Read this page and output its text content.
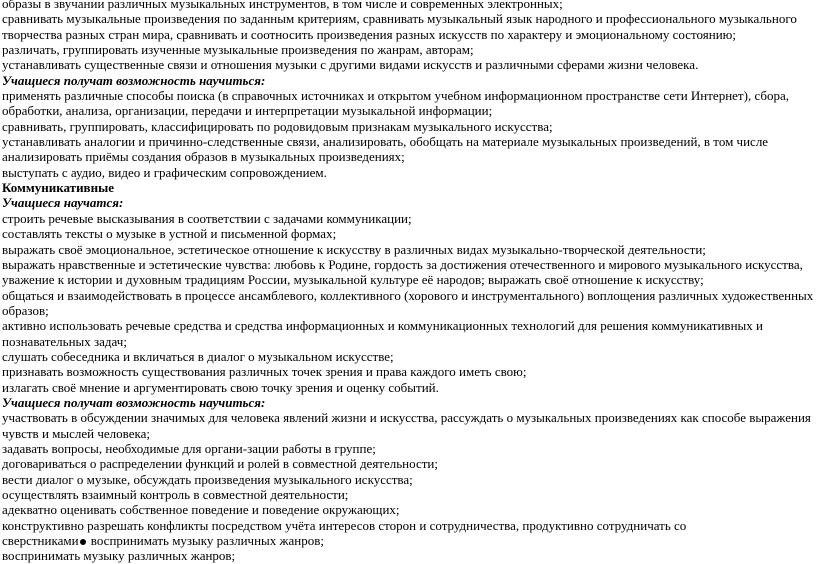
образы в звучании различных музыкальных инструментов, в том числе и современных электронных;

сравнивать музыкальные произведения по заданным критериям, сравнивать музыкальный язык народного и профессионального музыкального творчества разных стран мира, сравнивать и соотносить произведения разных искусств по характеру и эмоциональному состоянию;

различать, группировать изученные музыкальные произведения по жанрам, авторам;

устанавливать существенные связи и отношения музыки с другими видами искусств и различными сферами жизни человека.

Учащиеся получат возможность научиться:

применять различные способы поиска (в справочных источниках и открытом учебном информационном пространстве сети Интернет), сбора, обработки, анализа, организации, передачи и интерпретации музыкальной информации;

сравнивать, группировать, классифицировать по родовидовым признакам музыкального искусства;

устанавливать аналогии и причинно-следственные связи, анализировать, обобщать на материале музыкальных произведений, в том числе анализировать приёмы создания образов в музыкальных произведениях;

выступать с аудио, видео и графическим сопровождением.

Коммуникативные

Учащиеся научатся:

строить речевые высказывания в соответствии с задачами коммуникации;

составлять тексты о музыке в устной и письменной формах;

выражать своё эмоциональное, эстетическое отношение к искусству в различных видах музыкально-творческой деятельности;

выражать нравственные и эстетические чувства: любовь к Родине, гордость за достижения отечественного и мирового музыкального искусства, уважение к истории и духовным традициям России, музыкальной культуре её народов; выражать своё отношение к искусству;

общаться и взаимодействовать в процессе ансамблевого, коллективного (хорового и инструментального) воплощения различных художественных образов;

активно использовать речевые средства и средства информационных и коммуникационных технологий для решения коммуникативных и познавательных задач;

слушать собеседника и вкличаться в диалог о музыкальном искусстве;

признавать возможность существования различных точек зрения и права каждого иметь свою;

излагать своё мнение и аргументировать свою точку зрения и оценку событий.

Учащиеся получат возможность научиться:

участвовать в обсуждении значимых для человека явлений жизни и искусства, рассуждать о музыкальных произведениях как способе выражения чувств и мыслей человека;

задавать вопросы, необходимые для органи-зации работы в группе;

договариваться о распределении функций и ролей в совместной деятельности;

вести диалог о музыке, обсуждать произведения музыкального искусства;

осуществлять взаимный контроль в совместной деятельности;

адекватно оценивать собственное поведение и поведение окружающих;

конструктивно разрешать конфликты посредством учёта интересов сторон и сотрудничества, продуктивно сотрудничать со

сверстниками воспринимать музыку различных жанров;

воспринимать музыку различных жанров;
